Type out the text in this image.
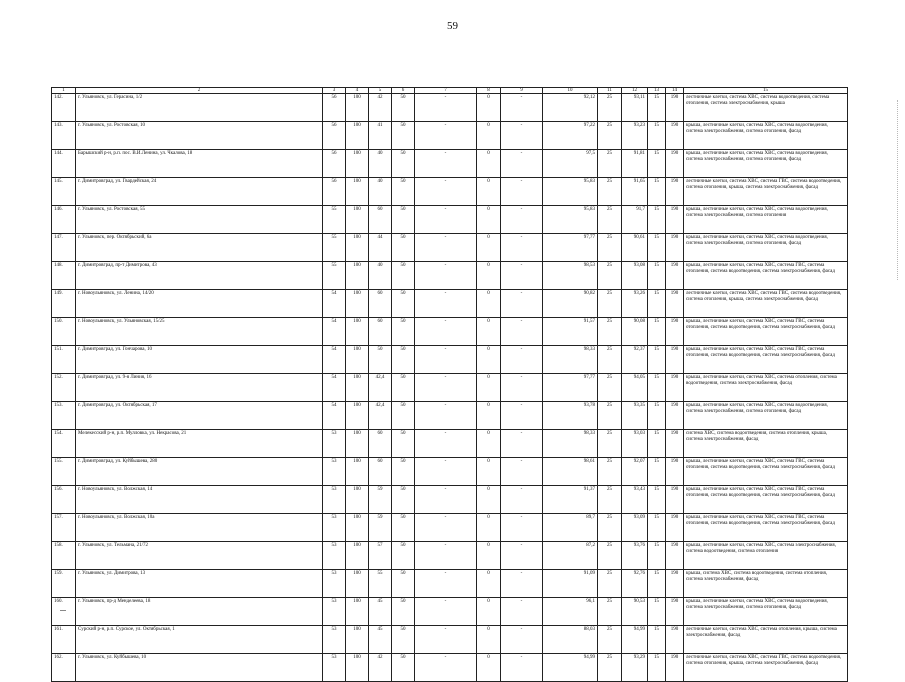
59
1	2	3	4	5	6	7	8	9	10	11	12	13	14	15
142.	г. Ульяновск, ул. Герасина, 1/2	56	100	42	50	-	0	-	92,12	25	93,11	15	190	лестничные клетки, система ХВС, система водоотведения, система отопления, система электроснабжения, крыша
143.	г. Ульяновск, ул. Ростовская, 10	56	100	41	50	-	0	-	97,22	25	93,23	15	190	крыша, лестничные клетки, система ХВС, система водоотведения, система электроснабжения, система отопления, фасад
144.	Барышский р-н, р.п. пос. В.И.Ленина, ул. Чкалова, 18	56	100	40	50	-	0	-	97,5	25	91,81	15	190	крыша, лестничные клетки, система ХВС, система водоотведения, система электроснабжения, система отопления, фасад
145.	г. Димитровград, ул. Гвардейская, 24	56	100	40	50	-	0	-	95,83	25	91,65	15	190	лестничные клетки, система ХВС, система ГВС, система водоотведения, система отопления, крыша, система электроснабжения, фасад
146.	г. Ульяновск, ул. Ростовская, 55	55	100	60	50	-	0	-	95,83	25	91,7	15	190	крыша, лестничные клетки, система ХВС, система водоотведения, система электроснабжения, система отопления
147.	г. Ульяновск, пер. Октябрьский, 6а	55	100	44	50	-	0	-	97,77	25	90,61	15	190	крыша, лестничные клетки, система ХВС, система водоотведения, система электроснабжения, система отопления, фасад
148.	г. Димитровград, пр-т Димитрова, 43	55	100	40	50	-	0	-	98,53	25	93,08	15	190	крыша, лестничные клетки, система ХВС, система ГВС, система отопления, система водоотведения, система электроснабжения, фасад
149.	г. Новоульяновск, ул. Ленина, 14/20	54	100	60	50	-	0	-	90,82	25	93,26	15	190	лестничные клетки, система ХВС, система ГВС, система водоотведения, система отопления, крыша, система электроснабжения, фасад
150.	г. Новоульяновск, ул. Ульяновская, 15/25	54	100	60	50	-	0	-	91,57	25	90,08	15	190	крыша, лестничные клетки, система ХВС, система ГВС, система отопления, система водоотведения, система электроснабжения, фасад
151.	г. Димитровград, ул. Гончарова, 10	54	100	50	50	-	0	-	98,33	25	92,37	15	190	крыша, лестничные клетки, система ХВС, система ГВС, система отопления, система водоотведения, система электроснабжения, фасад
152.	г. Димитровград, ул. 9-я Линия, 16	54	100	42,4	50	-	0	-	97,77	25	94,05	15	190	крыша, лестничные клетки, система ХВС, система отопления, система водоотведения, система электроснабжения, фасад
153.	г. Димитровград, ул. Октябрьская, 17	54	100	42,4	50	-	0	-	93,78	25	93,35	15	190	крыша, лестничные клетки, система ХВС, система водоотведения, система электроснабжения, система отопления, фасад
154.	Мелекесский р-н, р.п. Мулловка, ул. Некрасова, 21	53	100	60	50	-	0	-	98,33	25	93,03	15	190	система ХВС, система водоотведения, система отопления, крыша, система электроснабжения, фасад
155.	г. Димитровград, ул. Куйбышева, 280	53	100	60	50	-	0	-	98,61	25	92,07	15	190	крыша, лестничные клетки, система ХВС, система ГВС, система отопления, система водоотведения, система электроснабжения, фасад
156.	г. Новоульяновск, ул. Волжская, 14	53	100	59	50	-	0	-	91,37	25	93,43	15	190	крыша, лестничные клетки, система ХВС, система ГВС, система отопления, система водоотведения, система электроснабжения, фасад
157.	г. Новоульяновск, ул. Волжская, 10а	53	100	59	50	-	0	-	89,7	25	93,09	15	190	крыша, лестничные клетки, система ХВС, система ГВС, система отопления, система водоотведения, система электроснабжения, фасад
158.	г. Ульяновск, ул. Тельмана, 21/72	53	100	57	50	-	0	-	87,2	25	93,76	15	190	крыша, лестничные клетки, система ХВС, система электроснабжения, система водоотведения, система отопления
159.	г. Ульяновск, ул. Димитрова, 13	53	100	55	50	-	0	-	91,09	25	92,76	15	190	крыша, система ХВС, система водоотведения, система отопления, система электроснабжения, фасад
160.	г. Ульяновск, пр-д Менделеева, 18	53	100	45	50	-	0	-	96,1	25	90,53	15	190	крыша, лестничные клетки, система ХВС, система водоотведения, система электроснабжения, система отопления, фасад
161.	Сурский р-н, р.п. Сурское, ул. Октябрьская, 1	53	100	45	50	-	0	-	88,03	25	94,99	15	190	лестничные клетки, система ХВС, система отопления, крыша, система электроснабжения, фасад
162.	г. Ульяновск, ул. Куйбышева, 10	53	100	42	50	-	0	-	94,99	25	93,29	15	190	лестничные клетки, система ХВС, система ГВС, система водоотведения, система отопления, крыша, система электроснабжения, фасад
